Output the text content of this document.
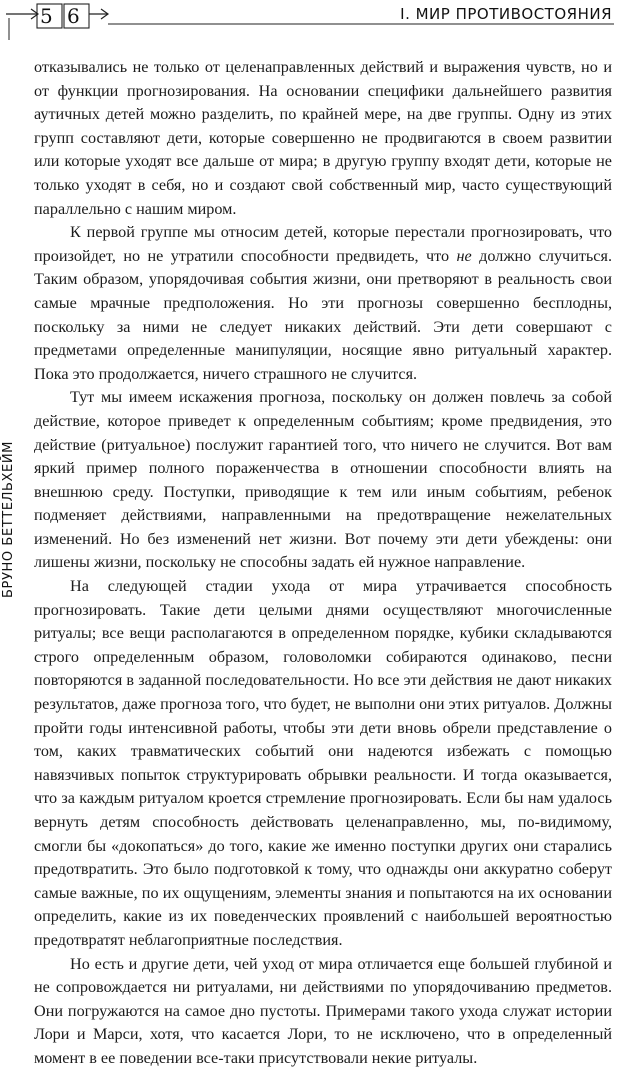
5 6	I. МИР ПРОТИВОСТОЯНИЯ
БРУНО БЕТТЕЛЬХЕЙМ

отказывались не только от целенаправленных действий и выражения чувств, но и от функции прогнозирования. На основании специфики дальнейшего развития аутичных детей можно разделить, по крайней мере, на две группы. Одну из этих групп составляют дети, которые совершенно не продвигаются в своем развитии или которые уходят все дальше от мира; в другую группу входят дети, которые не только уходят в себя, но и создают свой собственный мир, часто существующий параллельно с нашим миром.

К первой группе мы относим детей, которые перестали прогнозировать, что произойдет, но не утратили способности предвидеть, что не должно случиться. Таким образом, упорядочивая события жизни, они претворяют в реальность свои самые мрачные предположения. Но эти прогнозы совершенно бесплодны, поскольку за ними не следует никаких действий. Эти дети совершают с предметами определенные манипуляции, носящие явно ритуальный характер. Пока это продолжается, ничего страшного не случится.

Тут мы имеем искажения прогноза, поскольку он должен повлечь за собой действие, которое приведет к определенным событиям; кроме предвидения, это действие (ритуальное) послужит гарантией того, что ничего не случится. Вот вам яркий пример полного пораженчества в отношении способности влиять на внешнюю среду. Поступки, приводящие к тем или иным событиям, ребенок подменяет действиями, направленными на предотвращение нежелательных изменений. Но без изменений нет жизни. Вот почему эти дети убеждены: они лишены жизни, поскольку не способны задать ей нужное направление.

На следующей стадии ухода от мира утрачивается способность прогнозировать. Такие дети целыми днями осуществляют многочисленные ритуалы; все вещи располагаются в определенном порядке, кубики складываются строго определенным образом, головоломки собираются одинаково, песни повторяются в заданной последовательности. Но все эти действия не дают никаких результатов, даже прогноза того, что будет, не выполни они этих ритуалов. Должны пройти годы интенсивной работы, чтобы эти дети вновь обрели представление о том, каких травматических событий они надеются избежать с помощью навязчивых попыток структурировать обрывки реальности. И тогда оказывается, что за каждым ритуалом кроется стремление прогнозировать. Если бы нам удалось вернуть детям способность действовать целенаправленно, мы, по-видимому, смогли бы «докопаться» до того, какие же именно поступки других они старались предотвратить. Это было подготовкой к тому, что однажды они аккуратно соберут самые важные, по их ощущениям, элементы знания и попытаются на их основании определить, какие из их поведенческих проявлений с наибольшей вероятностью предотвратят неблагоприятные последствия.

Но есть и другие дети, чей уход от мира отличается еще большей глубиной и не сопровождается ни ритуалами, ни действиями по упорядочиванию предметов. Они погружаются на самое дно пустоты. Примерами такого ухода служат истории Лори и Марси, хотя, что касается Лори, то не исключено, что в определенный момент в ее поведении все-таки присутствовали некие ритуалы.
